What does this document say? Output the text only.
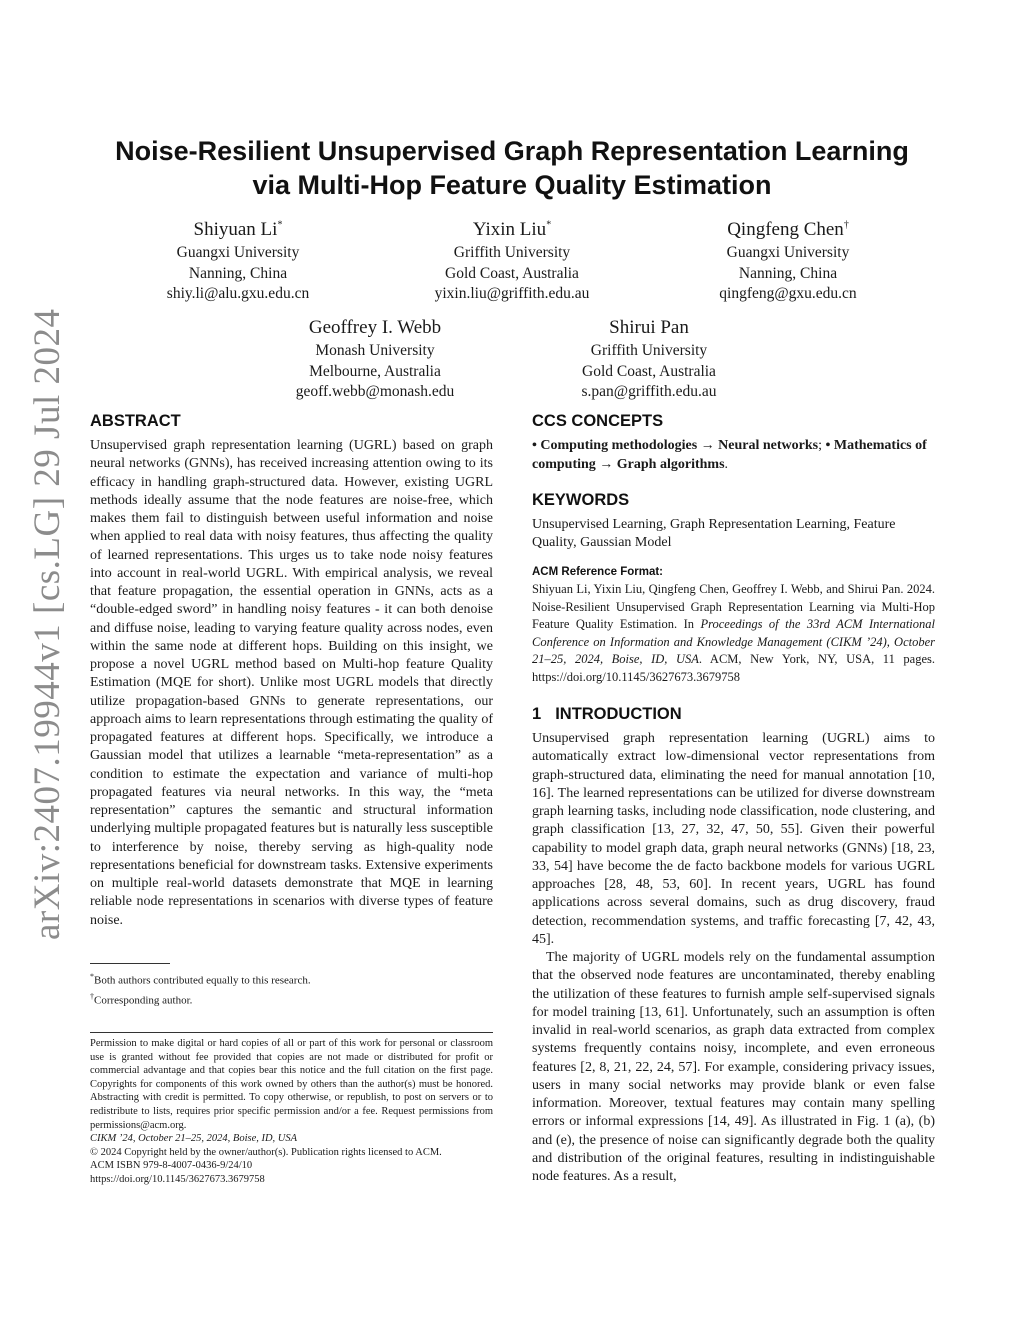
arXiv:2407.19944v1 [cs.LG] 29 Jul 2024
Noise-Resilient Unsupervised Graph Representation Learning
via Multi-Hop Feature Quality Estimation
Shiyuan Li*
Guangxi University
Nanning, China
shiy.li@alu.gxu.edu.cn
Yixin Liu*
Griffith University
Gold Coast, Australia
yixin.liu@griffith.edu.au
Qingfeng Chen†
Guangxi University
Nanning, China
qingfeng@gxu.edu.cn
Geoffrey I. Webb
Monash University
Melbourne, Australia
geoff.webb@monash.edu
Shirui Pan
Griffith University
Gold Coast, Australia
s.pan@griffith.edu.au
ABSTRACT

Unsupervised graph representation learning (UGRL) based on graph neural networks (GNNs), has received increasing attention owing to its efficacy in handling graph-structured data. However, existing UGRL methods ideally assume that the node features are noise-free, which makes them fail to distinguish between useful information and noise when applied to real data with noisy features, thus affecting the quality of learned representations. This urges us to take node noisy features into account in real-world UGRL. With empirical analysis, we reveal that feature propagation, the essential operation in GNNs, acts as a “double-edged sword” in handling noisy features - it can both denoise and diffuse noise, leading to varying feature quality across nodes, even within the same node at different hops. Building on this insight, we propose a novel UGRL method based on Multi-hop feature Quality Estimation (MQE for short). Unlike most UGRL models that directly utilize propagation-based GNNs to generate representations, our approach aims to learn representations through estimating the quality of propagated features at different hops. Specifically, we introduce a Gaussian model that utilizes a learnable “meta-representation” as a condition to estimate the expectation and variance of multi-hop propagated features via neural networks. In this way, the “meta representation” captures the semantic and structural information underlying multiple propagated features but is naturally less susceptible to interference by noise, thereby serving as high-quality node representations beneficial for downstream tasks. Extensive experiments on multiple real-world datasets demonstrate that MQE in learning reliable node representations in scenarios with diverse types of feature noise.

*Both authors contributed equally to this research.
†Corresponding author.
Permission to make digital or hard copies of all or part of this work for personal or classroom use is granted without fee provided that copies are not made or distributed for profit or commercial advantage and that copies bear this notice and the full citation on the first page. Copyrights for components of this work owned by others than the author(s) must be honored. Abstracting with credit is permitted. To copy otherwise, or republish, to post on servers or to redistribute to lists, requires prior specific permission and/or a fee. Request permissions from permissions@acm.org.
CIKM ’24, October 21–25, 2024, Boise, ID, USA
© 2024 Copyright held by the owner/author(s). Publication rights licensed to ACM.
ACM ISBN 979-8-4007-0436-9/24/10
https://doi.org/10.1145/3627673.3679758
CCS CONCEPTS

• Computing methodologies → Neural networks; • Mathematics of computing → Graph algorithms.

KEYWORDS

Unsupervised Learning, Graph Representation Learning, Feature Quality, Gaussian Model

ACM Reference Format:

Shiyuan Li, Yixin Liu, Qingfeng Chen, Geoffrey I. Webb, and Shirui Pan. 2024. Noise-Resilient Unsupervised Graph Representation Learning via Multi-Hop Feature Quality Estimation. In Proceedings of the 33rd ACM International Conference on Information and Knowledge Management (CIKM ’24), October 21–25, 2024, Boise, ID, USA. ACM, New York, NY, USA, 11 pages. https://doi.org/10.1145/3627673.3679758

1 INTRODUCTION

Unsupervised graph representation learning (UGRL) aims to automatically extract low-dimensional vector representations from graph-structured data, eliminating the need for manual annotation [10, 16]. The learned representations can be utilized for diverse downstream graph learning tasks, including node classification, node clustering, and graph classification [13, 27, 32, 47, 50, 55]. Given their powerful capability to model graph data, graph neural networks (GNNs) [18, 23, 33, 54] have become the de facto backbone models for various UGRL approaches [28, 48, 53, 60]. In recent years, UGRL has found applications across several domains, such as drug discovery, fraud detection, recommendation systems, and traffic forecasting [7, 42, 43, 45].

The majority of UGRL models rely on the fundamental assumption that the observed node features are uncontaminated, thereby enabling the utilization of these features to furnish ample self-supervised signals for model training [13, 61]. Unfortunately, such an assumption is often invalid in real-world scenarios, as graph data extracted from complex systems frequently contains noisy, incomplete, and even erroneous features [2, 8, 21, 22, 24, 57]. For example, considering privacy issues, users in many social networks may provide blank or even false information. Moreover, textual features may contain many spelling errors or informal expressions [14, 49]. As illustrated in Fig. 1 (a), (b) and (e), the presence of noise can significantly degrade both the quality and distribution of the original features, resulting in indistinguishable node features. As a result,
